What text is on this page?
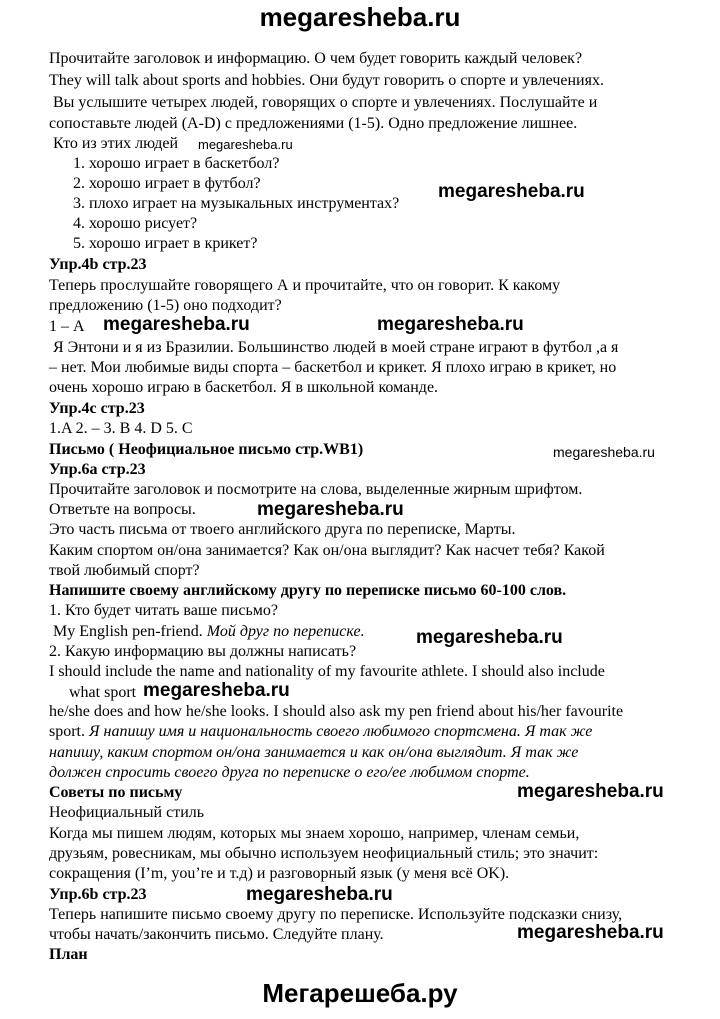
megaresheba.ru
Прочитайте заголовок и информацию. О чем будет говорить каждый человек?
They will talk about sports and hobbies. Они будут говорить о спорте и увлечениях.
Вы услышите четырех людей, говорящих о спорте и увлечениях. Послушайте и
сопоставьте людей (A-D) с предложениями (1-5). Одно предложение лишнее.
Кто из этих людей megaresheba.ru
1. хорошо играет в баскетбол?
2. хорошо играет в футбол?	megaresheba.ru
3. плохо играет на музыкальных инструментах?
4. хорошо рисует?
5. хорошо играет в крикет?
Упр.4b стр.23
Теперь прослушайте говорящего А и прочитайте, что он говорит. К какому
предложению (1-5) оно подходит?
1 – А megaresheba.ru	megaresheba.ru
Я Энтони и я из Бразилии. Большинство людей в моей стране играют в футбол ,а я
– нет. Мои любимые виды спорта – баскетбол и крикет. Я плохо играю в крикет, но
очень хорошо играю в баскетбол. Я в школьной команде.
Упр.4c стр.23
1.A 2. – 3. B 4. D 5. C
Письмо ( Неофициальное письмо стр.WB1)	megaresheba.ru
Упр.6a стр.23
Прочитайте заголовок и посмотрите на слова, выделенные жирным шрифтом.
Ответьте на вопросы.	megaresheba.ru
Это часть письма от твоего английского друга по переписке, Марты.
Каким спортом он/она занимается? Как он/она выглядит? Как насчет тебя? Какой
твой любимый спорт?
Напишите своему английскому другу по переписке письмо 60-100 слов.
1. Кто будет читать ваше письмо?
My English pen-friend. Мой друг по переписке.	megaresheba.ru
2. Какую информацию вы должны написать?
I should include the name and nationality of my favourite athlete. I should also include
what sport megaresheba.ru
he/she does and how he/she looks. I should also ask my pen friend about his/her favourite
sport. Я напишу имя и национальность своего любимого спортсмена. Я так же
напишу, каким спортом он/она занимается и как он/она выглядит. Я так же
должен спросить своего друга по переписке о его/ее любимом спорте.
Советы по письму	megaresheba.ru
Неофициальный стиль
Когда мы пишем людям, которых мы знаем хорошо, например, членам семьи,
друзьям, ровесникам, мы обычно используем неофициальный стиль; это значит:
сокращения (I’m, you’re и т.д) и разговорный язык (у меня всё OK).
Упр.6b стр.23	megaresheba.ru
Теперь напишите письмо своему другу по переписке. Используйте подсказки снизу,
чтобы начать/закончить письмо. Следуйте плану.	megaresheba.ru
План
Мегарешеба.ру
